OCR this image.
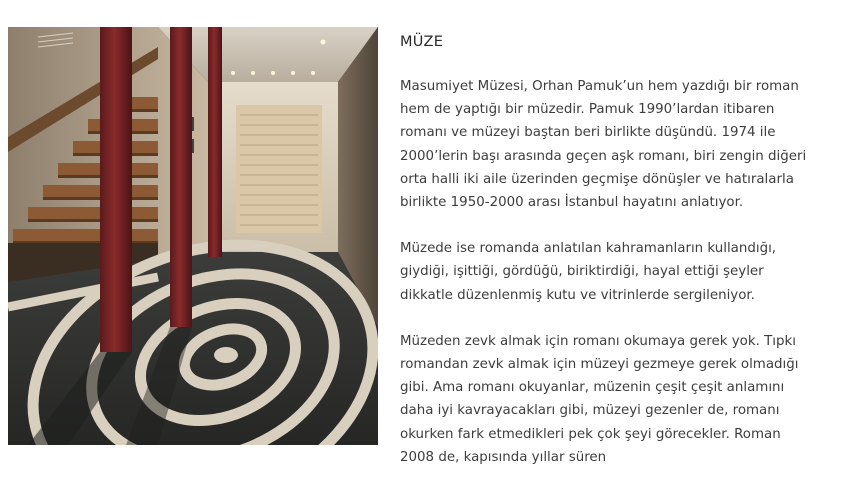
MÜZE

Masumiyet Müzesi, Orhan Pamuk’un hem yazdığı bir roman
hem de yaptığı bir müzedir. Pamuk 1990’lardan itibaren
romanı ve müzeyi baştan beri birlikte düşündü. 1974 ile
2000’lerin başı arasında geçen aşk romanı, biri zengin diğeri
orta halli iki aile üzerinden geçmişe dönüşler ve hatıralarla
birlikte 1950-2000 arası İstanbul hayatını anlatıyor.

Müzede ise romanda anlatılan kahramanların kullandığı,
giydiği, işittiği, gördüğü, biriktirdiği, hayal ettiği şeyler
dikkatle düzenlenmiş kutu ve vitrinlerde sergileniyor.

Müzeden zevk almak için romanı okumaya gerek yok. Tıpkı
romandan zevk almak için müzeyi gezmeye gerek olmadığı
gibi. Ama romanı okuyanlar, müzenin çeşit çeşit anlamını
daha iyi kavrayacakları gibi, müzeyi gezenler de, romanı
okurken fark etmedikleri pek çok şeyi görecekler. Roman
2008 de, kapısında yıllar süren
